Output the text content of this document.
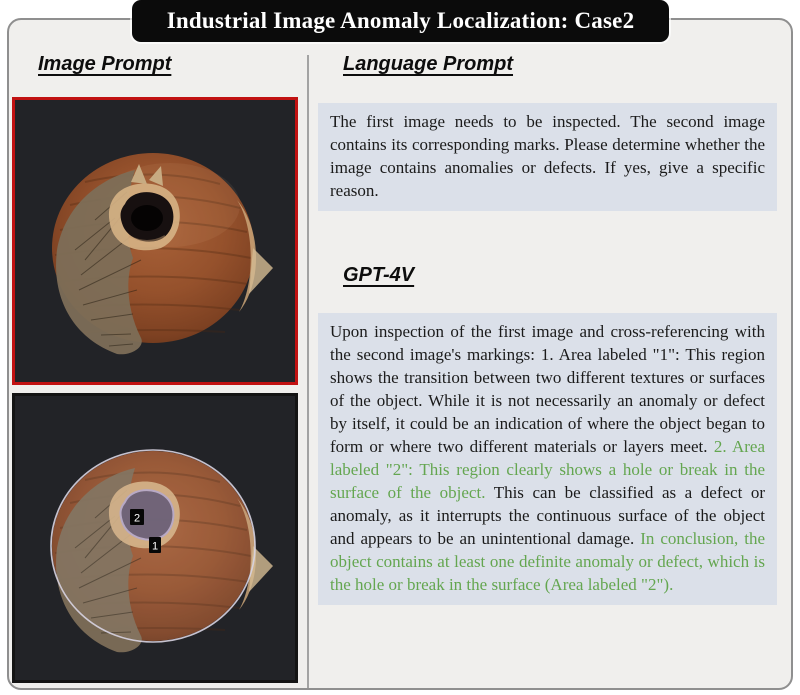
Industrial Image Anomaly Localization: Case2
Image Prompt
2
1
Language Prompt
The first image needs to be inspected. The second image contains its corresponding marks. Please determine whether the image contains anomalies or defects. If yes, give a specific reason.
GPT-4V
Upon inspection of the first image and cross-referencing with the second image's markings: 1. Area labeled "1": This region shows the transition between two different textures or surfaces of the object. While it is not necessarily an anomaly or defect by itself, it could be an indication of where the object began to form or where two different materials or layers meet. 2. Area labeled "2": This region clearly shows a hole or break in the surface of the object. This can be classified as a defect or anomaly, as it interrupts the continuous surface of the object and appears to be an unintentional damage. In conclusion, the object contains at least one definite anomaly or defect, which is the hole or break in the surface (Area labeled "2").
